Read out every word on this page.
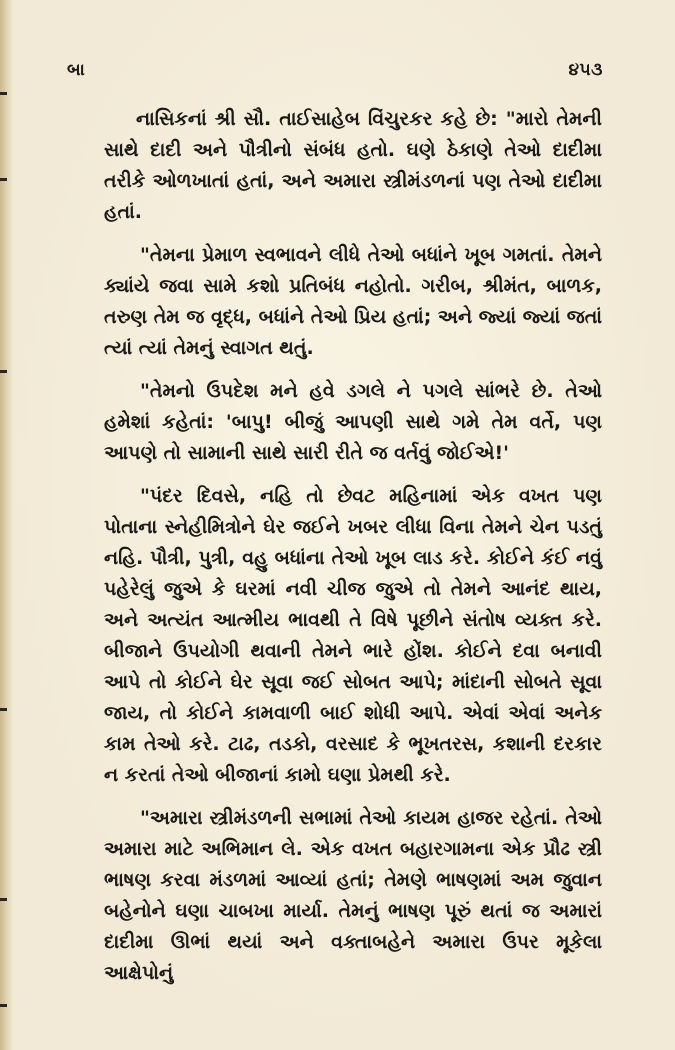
બા	૪૫૩

નાસિકનાં શ્રી સૌ. તાઈસાહેબ વિંચુરકર કહે છે: "મારો તેમની સાથે દાદી અને પૌત્રીનો સંબંધ હતો. ઘણે ઠેકાણે તેઓ દાદીમા તરીકે ઓળખાતાં હતાં, અને અમારા સ્ત્રીમંડળનાં પણ તેઓ દાદીમા હતાં.

"તેમના પ્રેમાળ સ્વભાવને લીધે તેઓ બધાંને ખૂબ ગમતાં. તેમને ક્યાંયે જવા સામે કશો પ્રતિબંધ નહોતો. ગરીબ, શ્રીમંત, બાળક, તરુણ તેમ જ વૃદ્ધ, બધાંને તેઓ પ્રિય હતાં; અને જ્યાં જ્યાં જતાં ત્યાં ત્યાં તેમનું સ્વાગત થતું.

"તેમનો ઉપદેશ મને હવે ડગલે ને પગલે સાંભરે છે. તેઓ હમેશાં કહેતાં: 'બાપુ! બીજું આપણી સાથે ગમે તેમ વર્તે, પણ આપણે તો સામાની સાથે સારી રીતે જ વર્તવું જોઈએ!'

"પંદર દિવસે, નહિ તો છેવટ મહિનામાં એક વખત પણ પોતાના સ્નેહીમિત્રોને ઘેર જઈને ખબર લીધા વિના તેમને ચેન પડતું નહિ. પૌત્રી, પુત્રી, વહુ બધાંના તેઓ ખૂબ લાડ કરે. કોઈને કંઈ નવું પહેરેલું જુએ કે ઘરમાં નવી ચીજ જુએ તો તેમને આનંદ થાય, અને અત્યંત આત્મીય ભાવથી તે વિષે પૂછીને સંતોષ વ્યક્ત કરે. બીજાને ઉપયોગી થવાની તેમને ભારે હોંશ. કોઈને દવા બનાવી આપે તો કોઈને ઘેર સૂવા જઈ સોબત આપે; માંદાની સોબતે સૂવા જાય, તો કોઈને કામવાળી બાઈ શોધી આપે. એવાં એવાં અનેક કામ તેઓ કરે. ટાઢ, તડકો, વરસાદ કે ભૂખતરસ, કશાની દરકાર ન કરતાં તેઓ બીજાનાં કામો ઘણા પ્રેમથી કરે.

"અમારા સ્ત્રીમંડળની સભામાં તેઓ કાયમ હાજર રહેતાં. તેઓ અમારા માટે અભિમાન લે. એક વખત બહારગામના એક પ્રૌઢ સ્ત્રી ભાષણ કરવા મંડળમાં આવ્યાં હતાં; તેમણે ભાષણમાં અમ જુવાન બહેનોને ઘણા ચાબખા માર્યા. તેમનું ભાષણ પૂરું થતાં જ અમારાં દાદીમા ઊભાં થયાં અને વક્તાબહેને અમારા ઉપર મૂકેલા આક્ષેપોનું
